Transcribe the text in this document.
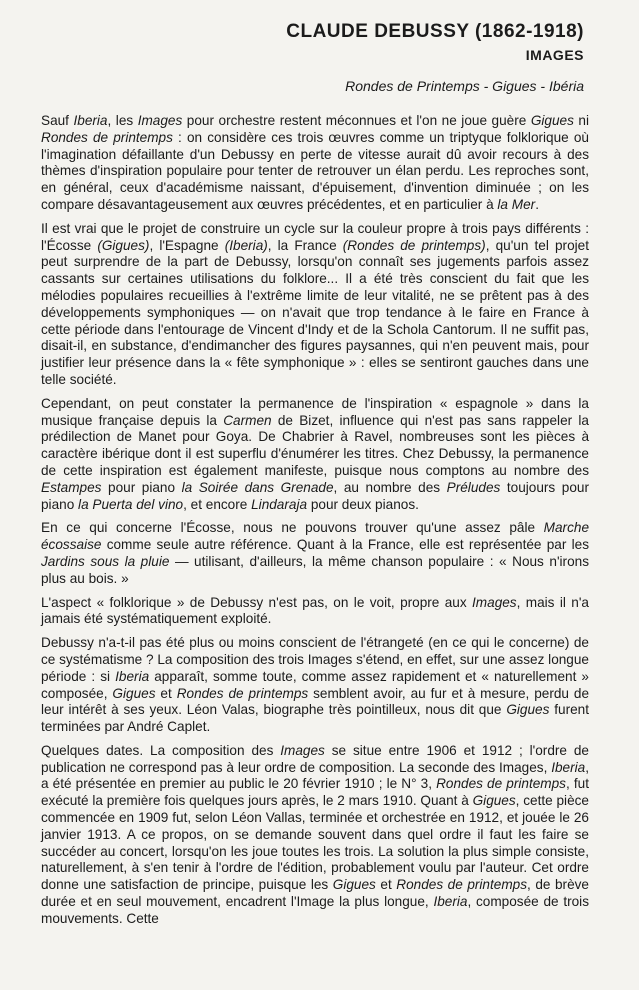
CLAUDE DEBUSSY (1862-1918)
IMAGES
Rondes de Printemps - Gigues - Ibéria

Sauf Iberia, les Images pour orchestre restent méconnues et l'on ne joue guère Gigues ni Rondes de printemps : on considère ces trois œuvres comme un triptyque folklorique où l'imagination défaillante d'un Debussy en perte de vitesse aurait dû avoir recours à des thèmes d'inspiration populaire pour tenter de retrouver un élan perdu. Les reproches sont, en général, ceux d'académisme naissant, d'épuisement, d'invention diminuée ; on les compare désavantageusement aux œuvres précédentes, et en particulier à la Mer.

Il est vrai que le projet de construire un cycle sur la couleur propre à trois pays différents : l'Écosse (Gigues), l'Espagne (Iberia), la France (Rondes de printemps), qu'un tel projet peut surprendre de la part de Debussy, lorsqu'on connaît ses jugements parfois assez cassants sur certaines utilisations du folklore... Il a été très conscient du fait que les mélodies populaires recueillies à l'extrême limite de leur vitalité, ne se prêtent pas à des développements symphoniques — on n'avait que trop tendance à le faire en France à cette période dans l'entourage de Vincent d'Indy et de la Schola Cantorum. Il ne suffit pas, disait-il, en substance, d'endimancher des figures paysannes, qui n'en peuvent mais, pour justifier leur présence dans la « fête symphonique » : elles se sentiront gauches dans une telle société.

Cependant, on peut constater la permanence de l'inspiration « espagnole » dans la musique française depuis la Carmen de Bizet, influence qui n'est pas sans rappeler la prédilection de Manet pour Goya. De Chabrier à Ravel, nombreuses sont les pièces à caractère ibérique dont il est superflu d'énumérer les titres. Chez Debussy, la permanence de cette inspiration est également manifeste, puisque nous comptons au nombre des Estampes pour piano la Soirée dans Grenade, au nombre des Préludes toujours pour piano la Puerta del vino, et encore Lindaraja pour deux pianos.

En ce qui concerne l'Écosse, nous ne pouvons trouver qu'une assez pâle Marche écossaise comme seule autre référence. Quant à la France, elle est représentée par les Jardins sous la pluie — utilisant, d'ailleurs, la même chanson populaire : « Nous n'irons plus au bois. »

L'aspect « folklorique » de Debussy n'est pas, on le voit, propre aux Images, mais il n'a jamais été systématiquement exploité.

Debussy n'a-t-il pas été plus ou moins conscient de l'étrangeté (en ce qui le concerne) de ce systématisme ? La composition des trois Images s'étend, en effet, sur une assez longue période : si Iberia apparaît, somme toute, comme assez rapidement et « naturellement » composée, Gigues et Rondes de printemps semblent avoir, au fur et à mesure, perdu de leur intérêt à ses yeux. Léon Valas, biographe très pointilleux, nous dit que Gigues furent terminées par André Caplet.

Quelques dates. La composition des Images se situe entre 1906 et 1912 ; l'ordre de publication ne correspond pas à leur ordre de composition. La seconde des Images, Iberia, a été présentée en premier au public le 20 février 1910 ; le N° 3, Rondes de printemps, fut exécuté la première fois quelques jours après, le 2 mars 1910. Quant à Gigues, cette pièce commencée en 1909 fut, selon Léon Vallas, terminée et orchestrée en 1912, et jouée le 26 janvier 1913. A ce propos, on se demande souvent dans quel ordre il faut les faire se succéder au concert, lorsqu'on les joue toutes les trois. La solution la plus simple consiste, naturellement, à s'en tenir à l'ordre de l'édition, probablement voulu par l'auteur. Cet ordre donne une satisfaction de principe, puisque les Gigues et Rondes de printemps, de brève durée et en seul mouvement, encadrent l'Image la plus longue, Iberia, composée de trois mouvements. Cette
